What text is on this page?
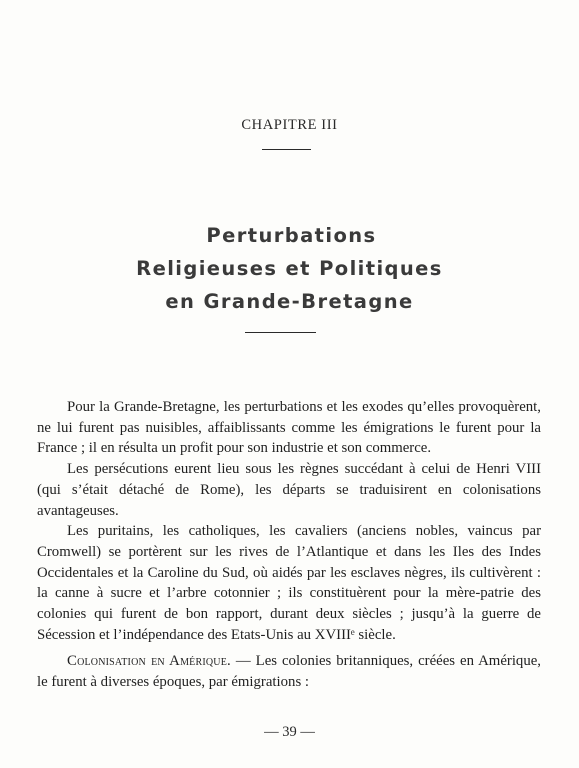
CHAPITRE III
Perturbations
Religieuses et Politiques
en Grande-Bretagne

Pour la Grande-Bretagne, les perturbations et les exodes qu’elles provoquèrent, ne lui furent pas nuisibles, affaiblissants comme les émigrations le furent pour la France ; il en résulta un profit pour son industrie et son commerce.

Les persécutions eurent lieu sous les règnes succédant à celui de Henri VIII (qui s’était détaché de Rome), les départs se traduisirent en colonisations avantageuses.

Les puritains, les catholiques, les cavaliers (anciens nobles, vaincus par Cromwell) se portèrent sur les rives de l’Atlantique et dans les Iles des Indes Occidentales et la Caroline du Sud, où aidés par les esclaves nègres, ils cultivèrent : la canne à sucre et l’arbre cotonnier ; ils constituèrent pour la mère-patrie des colonies qui furent de bon rapport, durant deux siècles ; jusqu’à la guerre de Sécession et l’indépendance des Etats-Unis au XVIIIᵉ siècle.

Colonisation en Amérique. — Les colonies britanniques, créées en Amérique, le furent à diverses époques, par émigrations :

— 39 —
